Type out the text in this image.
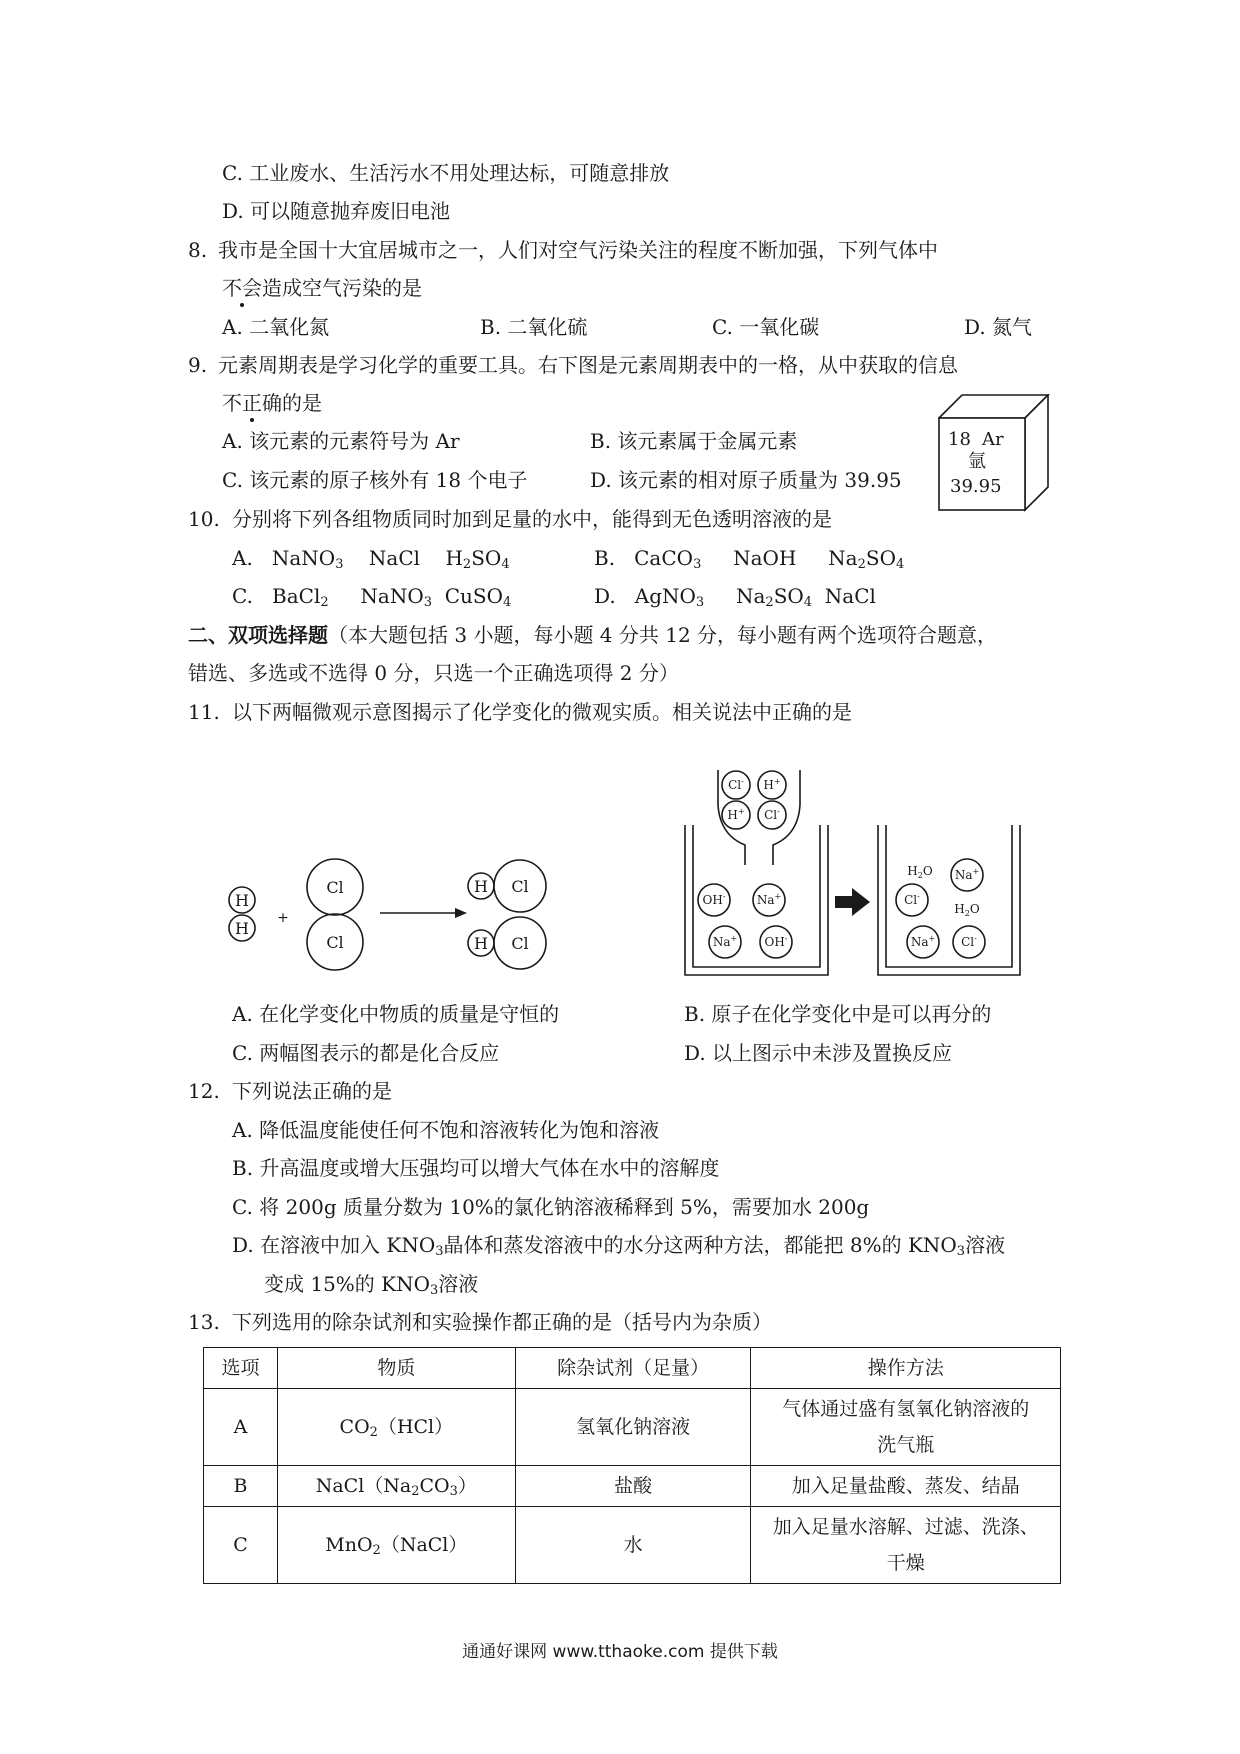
C. 工业废水、生活污水不用处理达标，可随意排放
D. 可以随意抛弃废旧电池
8. 我市是全国十大宜居城市之一，人们对空气污染关注的程度不断加强，下列气体中
不会造成空气污染的是
A. 二氧化氮	B. 二氧化硫	C. 一氧化碳	D. 氮气
9. 元素周期表是学习化学的重要工具。右下图是元素周期表中的一格，从中获取的信息
不正确的是
A. 该元素的元素符号为 Ar	B. 该元素属于金属元素
C. 该元素的原子核外有 18 个电子	D. 该元素的相对原子质量为 39.95
18 Ar
氩
39.95
10. 分别将下列各组物质同时加到足量的水中，能得到无色透明溶液的是
A.   NaNO$_3$    NaCl    $H_2SO_4$	B.   CaCO$_3$     NaOH     $Na_2SO_4$
C.   BaCl$_2$     NaNO$_3$  CuSO$_4$	D.   AgNO$_3$     $Na_2SO_4$  NaCl
二、双项选择题（本大题包括 3 小题，每小题 4 分共 12 分，每小题有两个选项符合题意，
错选、多选或不选得 0 分，只选一个正确选项得 2 分）
11. 以下两幅微观示意图揭示了化学变化的微观实质。相关说法中正确的是
H
H
+
Cl
Cl
H Cl
H Cl
Cl- H+
H+ Cl-
OH-	Na+
Na+ OH-
Cl-
Na+
Na+ Cl-
$H_2O$
$H_2O$
A. 在化学变化中物质的质量是守恒的	B. 原子在化学变化中是可以再分的
C. 两幅图表示的都是化合反应	D. 以上图示中未涉及置换反应
12. 下列说法正确的是
A. 降低温度能使任何不饱和溶液转化为饱和溶液
B. 升高温度或增大压强均可以增大气体在水中的溶解度
C. 将 200g 质量分数为 10%的氯化钠溶液稀释到 5%，需要加水 200g
D. 在溶液中加入 $KNO_3$晶体和蒸发溶液中的水分这两种方法，都能把 8%的 $KNO_3$溶液
变成 15%的 $KNO_3$溶液
13. 下列选用的除杂试剂和实验操作都正确的是（括号内为杂质）
选项	物质	除杂试剂（足量）	操作方法
A	$CO_2(HCl)$	氢氧化钠溶液	气体通过盛有氢氧化钠溶液的
洗气瓶

B	$NaCl(Na_2CO_3)$	盐酸	加入足量盐酸、蒸发、结晶
C	MnO$_2$（NaCl）	水	加入足量水溶解、过滤、洗涤、
干燥
通通好课网 www.tthaoke.com 提供下载
